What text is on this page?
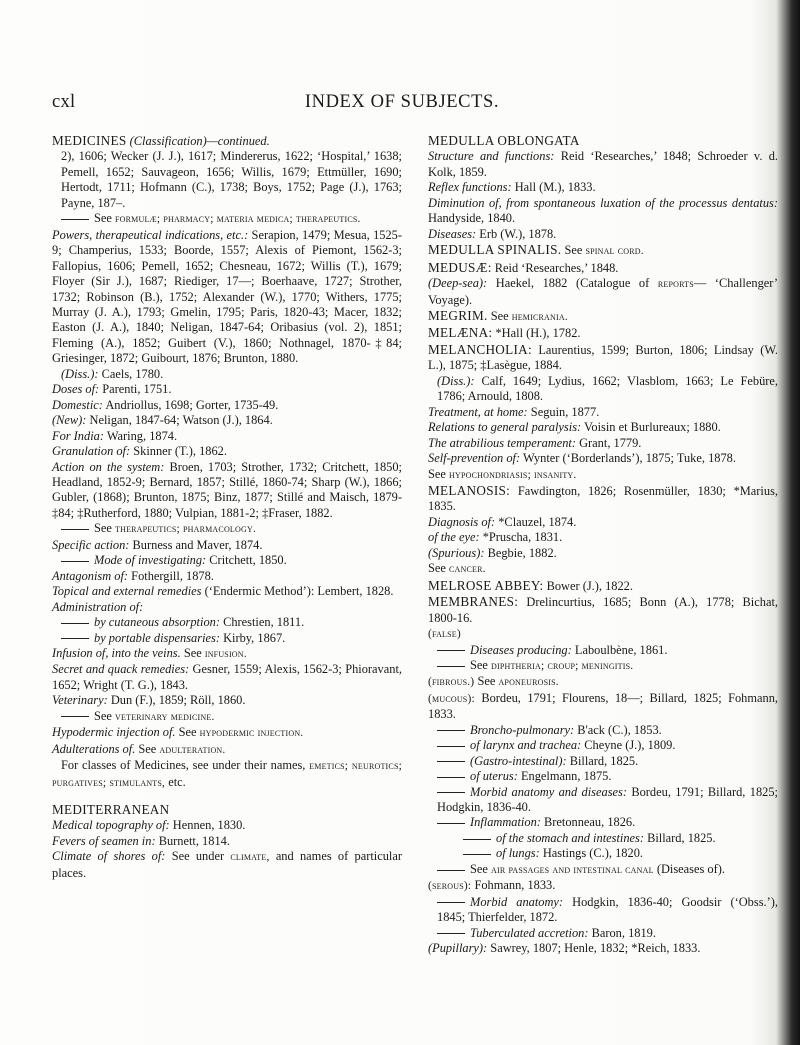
INDEX OF SUBJECTS.
cxl

MEDICINES (Classification)—continued.

2), 1606; Wecker (J. J.), 1617; Mindererus, 1622; ‘Hospital,’ 1638; Pemell, 1652; Sauvageon, 1656; Willis, 1679; Ettmüller, 1690; Hertodt, 1711; Hofmann (C.), 1738; Boys, 1752; Page (J.), 1763; Payne, 187–.

See formulæ; pharmacy; materia medica; therapeutics.

Powers, therapeutical indications, etc.: Serapion, 1479; Mesua, 1525-9; Champerius, 1533; Boorde, 1557; Alexis of Piemont, 1562-3; Fallopius, 1606; Pemell, 1652; Chesneau, 1672; Willis (T.), 1679; Floyer (Sir J.), 1687; Riediger, 17—; Boerhaave, 1727; Strother, 1732; Robinson (B.), 1752; Alexander (W.), 1770; Withers, 1775; Murray (J. A.), 1793; Gmelin, 1795; Paris, 1820-43; Macer, 1832; Easton (J. A.), 1840; Neligan, 1847-64; Oribasius (vol. 2), 1851; Fleming (A.), 1852; Guibert (V.), 1860; Nothnagel, 1870-‡84; Griesinger, 1872; Guibourt, 1876; Brunton, 1880.

(Diss.): Caels, 1780.

Doses of: Parenti, 1751.

Domestic: Andriollus, 1698; Gorter, 1735-49.

(New): Neligan, 1847-64; Watson (J.), 1864.

For India: Waring, 1874.

Granulation of: Skinner (T.), 1862.

Action on the system: Broen, 1703; Strother, 1732; Critchett, 1850; Headland, 1852-9; Bernard, 1857; Stillé, 1860-74; Sharp (W.), 1866; Gubler, (1868); Brunton, 1875; Binz, 1877; Stillé and Maisch, 1879-‡84; ‡Rutherford, 1880; Vulpian, 1881-2; ‡Fraser, 1882.

See therapeutics; pharmacology.

Specific action: Burness and Maver, 1874.

Mode of investigating: Critchett, 1850.

Antagonism of: Fothergill, 1878.

Topical and external remedies (‘Endermic Method’): Lembert, 1828.

Administration of:

by cutaneous absorption: Chrestien, 1811.

by portable dispensaries: Kirby, 1867.

Infusion of, into the veins. See infusion.

Secret and quack remedies: Gesner, 1559; Alexis, 1562-3; Phioravant, 1652; Wright (T. G.), 1843.

Veterinary: Dun (F.), 1859; Röll, 1860.

See veterinary medicine.

Hypodermic injection of. See hypodermic injection.

Adulterations of. See adulteration.

For classes of Medicines, see under their names, emetics; neurotics; purgatives; stimulants, etc.

MEDITERRANEAN

Medical topography of: Hennen, 1830.

Fevers of seamen in: Burnett, 1814.

Climate of shores of: See under climate, and names of particular places.

MEDULLA OBLONGATA

Structure and functions: Reid ‘Researches,’ 1848; Schroeder v. d. Kolk, 1859.

Reflex functions: Hall (M.), 1833.

Diminution of, from spontaneous luxation of the processus dentatus: Handyside, 1840.

Diseases: Erb (W.), 1878.

MEDULLA SPINALIS. See spinal cord.

MEDUSÆ: Reid ‘Researches,’ 1848.

(Deep-sea): Haekel, 1882 (Catalogue of reports— ‘Challenger’ Voyage).

MEGRIM. See hemicrania.

MELÆNA: *Hall (H.), 1782.

MELANCHOLIA: Laurentius, 1599; Burton, 1806; Lindsay (W. L.), 1875; ‡Lasègue, 1884.

(Diss.): Calf, 1649; Lydius, 1662; Vlasblom, 1663; Le Febüre, 1786; Arnould, 1808.

Treatment, at home: Seguin, 1877.

Relations to general paralysis: Voisin et Burlureaux; 1880.

The atrabilious temperament: Grant, 1779.

Self-prevention of: Wynter (‘Borderlands’), 1875; Tuke, 1878.

See hypochondriasis; insanity.

MELANOSIS: Fawdington, 1826; Rosenmüller, 1830; *Marius, 1835.

Diagnosis of: *Clauzel, 1874.

of the eye: *Pruscha, 1831.

(Spurious): Begbie, 1882.

See cancer.

MELROSE ABBEY: Bower (J.), 1822.

MEMBRANES: Drelincurtius, 1685; Bonn (A.), 1778; Bichat, 1800-16.

(false)

Diseases producing: Laboulbène, 1861.

See diphtheria; croup; meningitis.

(fibrous.) See aponeurosis.

(mucous): Bordeu, 1791; Flourens, 18—; Billard, 1825; Fohmann, 1833.

Broncho-pulmonary: B'ack (C.), 1853.

of larynx and trachea: Cheyne (J.), 1809.

(Gastro-intestinal): Billard, 1825.

of uterus: Engelmann, 1875.

Morbid anatomy and diseases: Bordeu, 1791; Billard, 1825; Hodgkin, 1836-40.

Inflammation: Bretonneau, 1826.

of the stomach and intestines: Billard, 1825.

of lungs: Hastings (C.), 1820.

See air passages and intestinal canal (Diseases of).

(serous): Fohmann, 1833.

Morbid anatomy: Hodgkin, 1836-40; Goodsir (‘Obss.’), 1845; Thierfelder, 1872.

Tuberculated accretion: Baron, 1819.

(Pupillary): Sawrey, 1807; Henle, 1832; *Reich, 1833.
